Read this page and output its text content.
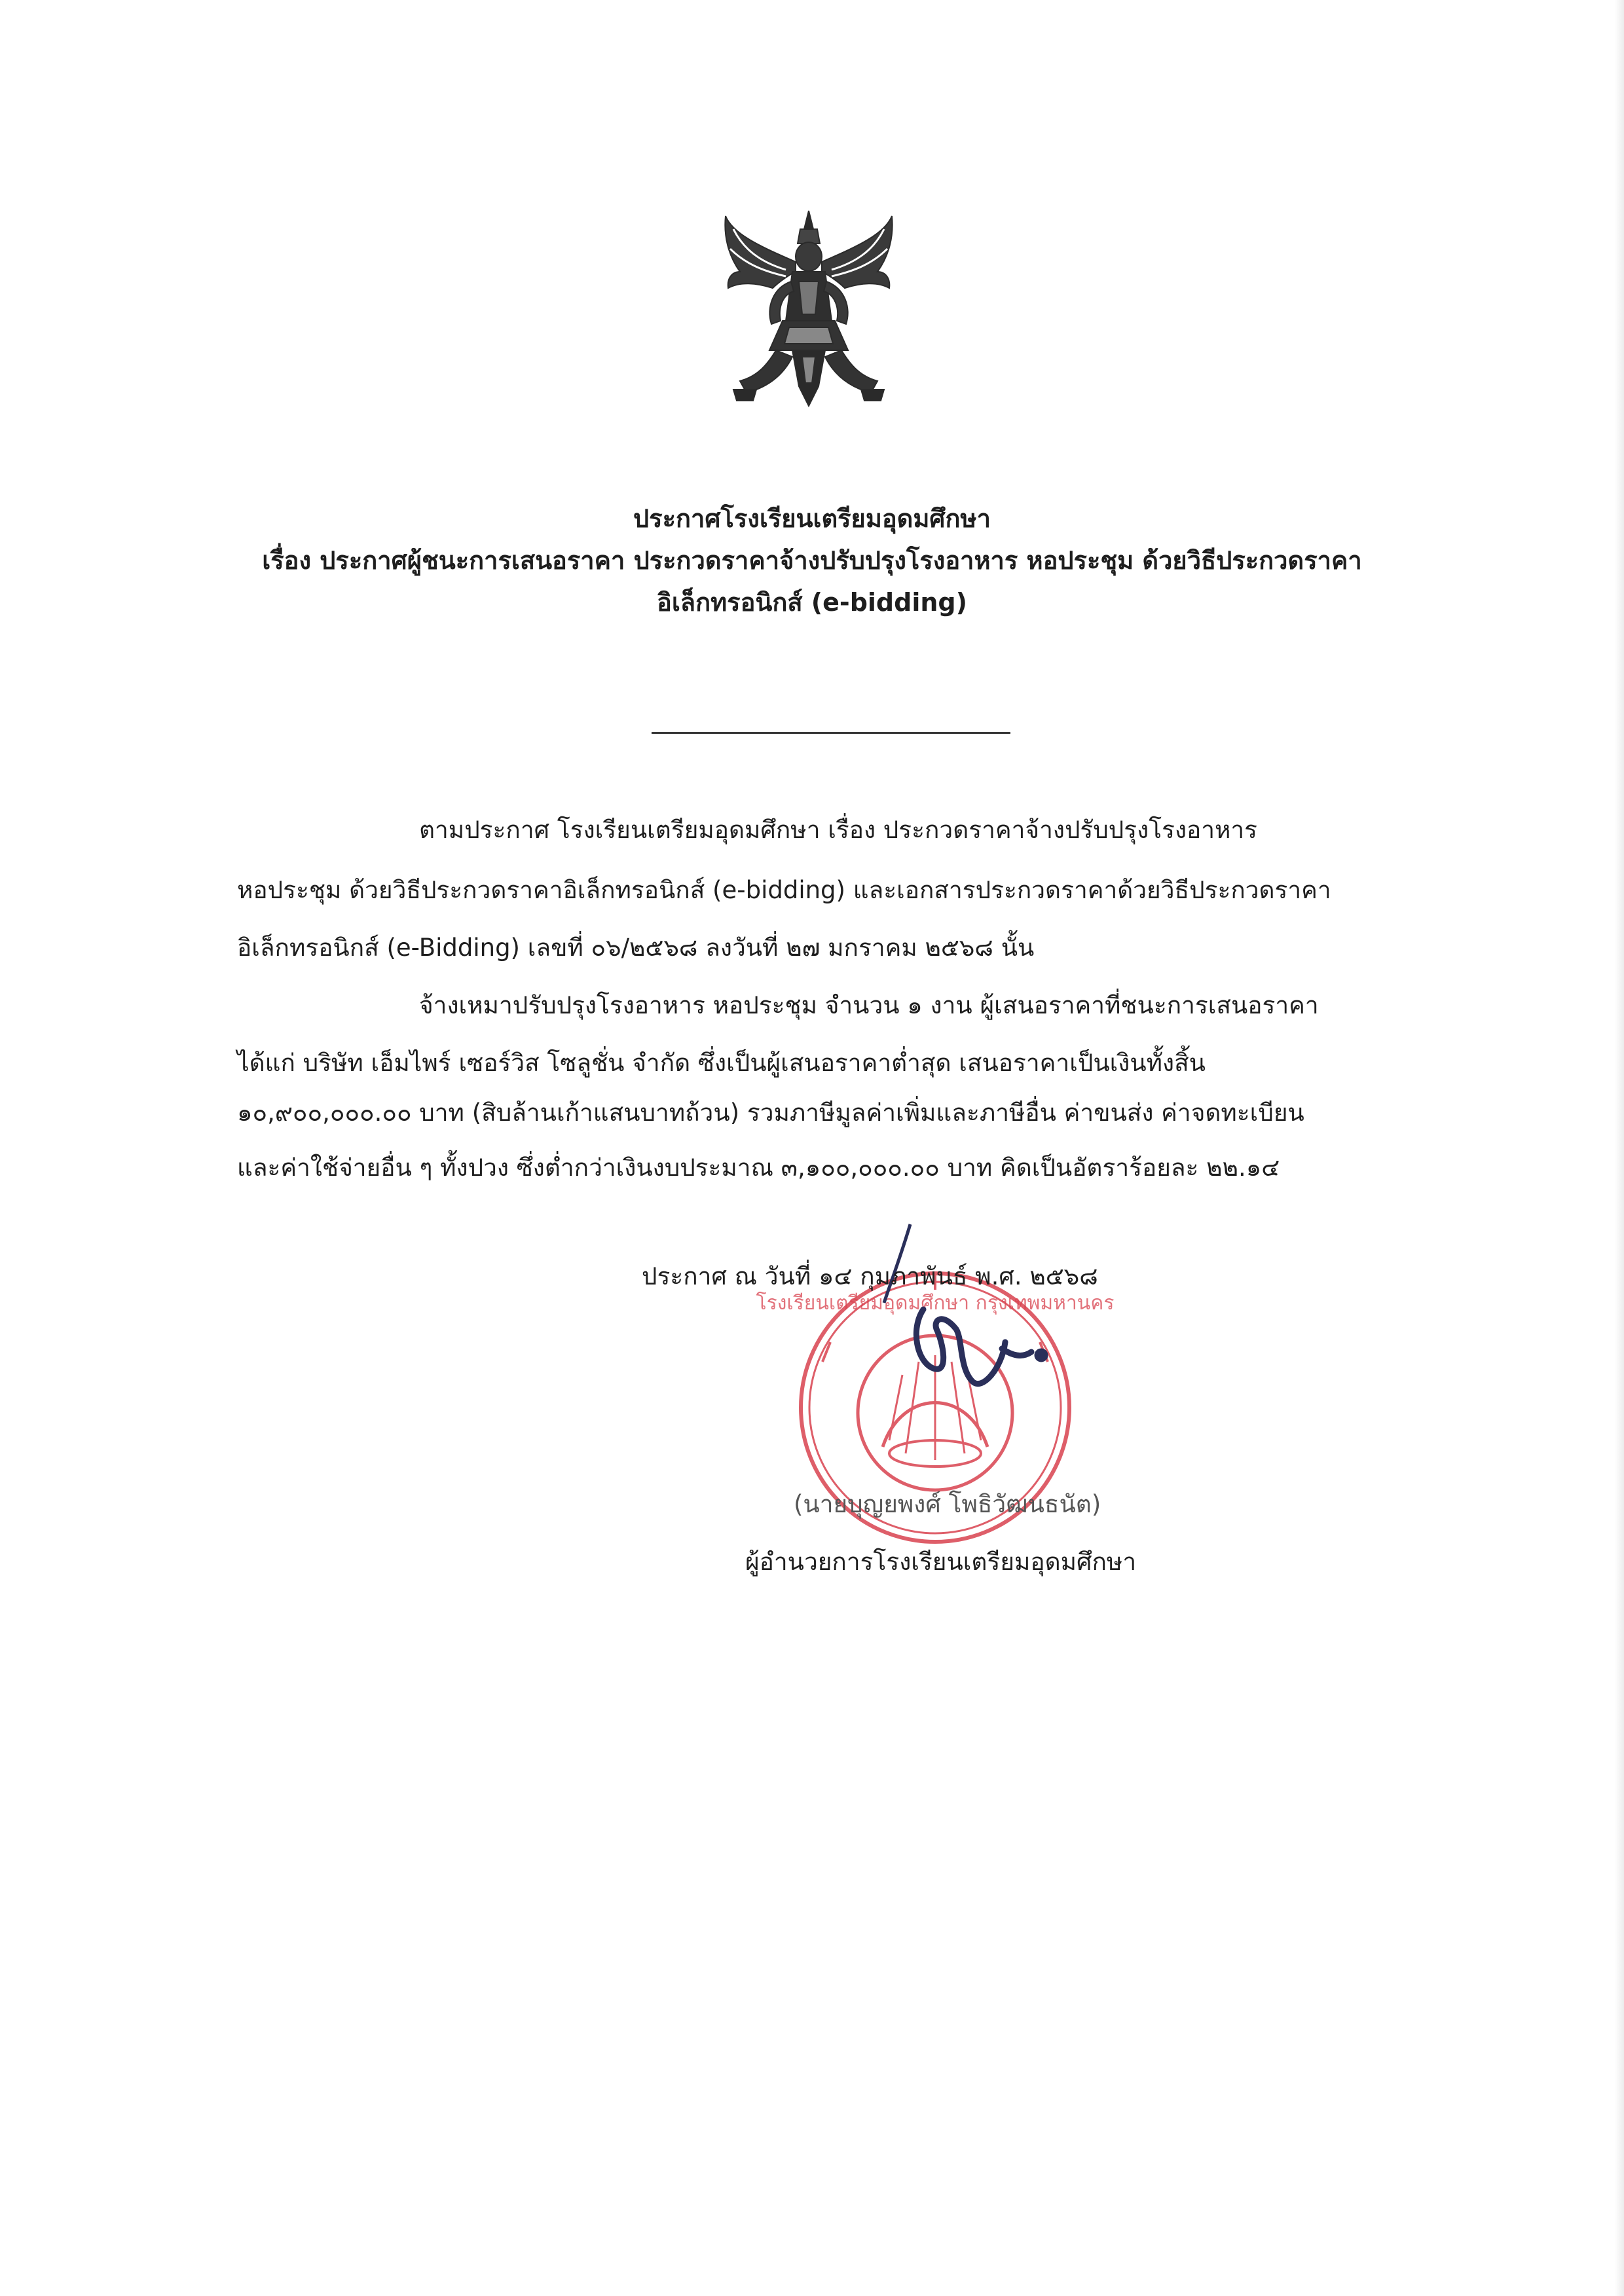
ประกาศโรงเรียนเตรียมอุดมศึกษา
เรื่อง ประกาศผู้ชนะการเสนอราคา ประกวดราคาจ้างปรับปรุงโรงอาหาร หอประชุม ด้วยวิธีประกวดราคา
อิเล็กทรอนิกส์ (e-bidding)
ตามประกาศ โรงเรียนเตรียมอุดมศึกษา เรื่อง ประกวดราคาจ้างปรับปรุงโรงอาหาร
หอประชุม ด้วยวิธีประกวดราคาอิเล็กทรอนิกส์ (e-bidding) และเอกสารประกวดราคาด้วยวิธีประกวดราคา
อิเล็กทรอนิกส์ (e-Bidding) เลขที่ ๐๖/๒๕๖๘ ลงวันที่ ๒๗ มกราคม ๒๕๖๘ นั้น
จ้างเหมาปรับปรุงโรงอาหาร หอประชุม จำนวน ๑ งาน ผู้เสนอราคาที่ชนะการเสนอราคา
ได้แก่ บริษัท เอ็มไพร์ เซอร์วิส โซลูชั่น จำกัด ซึ่งเป็นผู้เสนอราคาต่ำสุด เสนอราคาเป็นเงินทั้งสิ้น
๑๐,๙๐๐,๐๐๐.๐๐ บาท (สิบล้านเก้าแสนบาทถ้วน) รวมภาษีมูลค่าเพิ่มและภาษีอื่น ค่าขนส่ง ค่าจดทะเบียน
และค่าใช้จ่ายอื่น ๆ ทั้งปวง ซึ่งต่ำกว่าเงินงบประมาณ ๓,๑๐๐,๐๐๐.๐๐ บาท คิดเป็นอัตราร้อยละ ๒๒.๑๔
โรงเรียนเตรียมอุดมศึกษา กรุงเทพมหานคร
ประกาศ ณ วันที่ ๑๔ กุมภาพันธ์ พ.ศ. ๒๕๖๘
(นายบุญยพงศ์ โพธิวัฒนธนัต)
ผู้อำนวยการโรงเรียนเตรียมอุดมศึกษา
